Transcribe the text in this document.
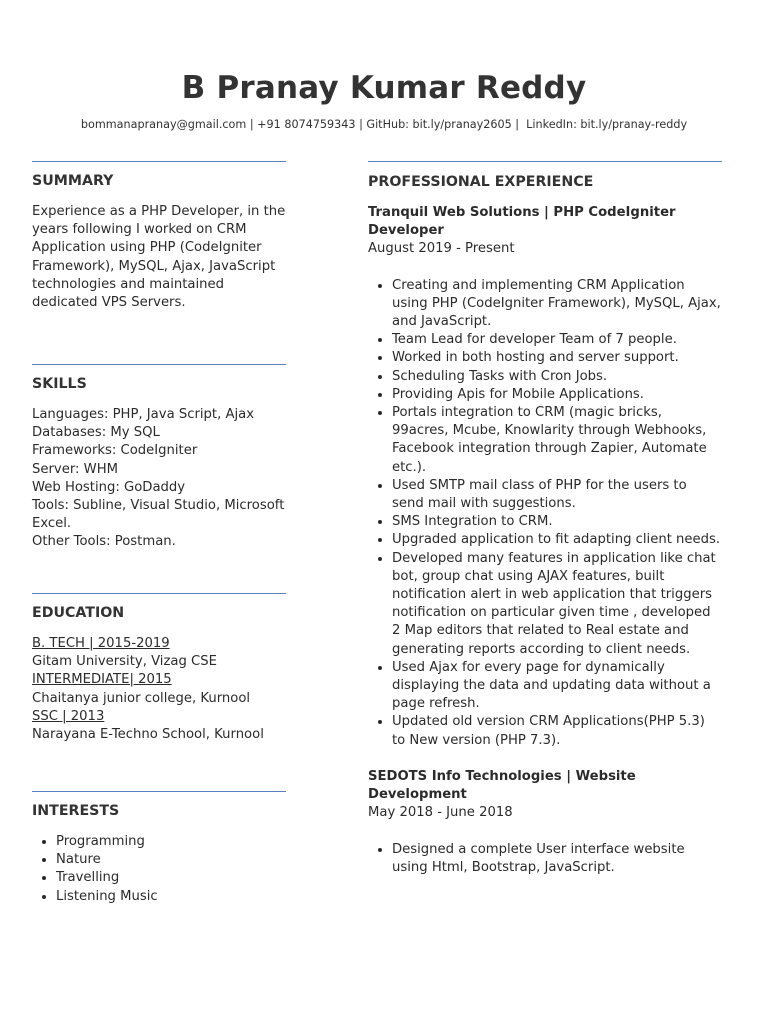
B Pranay Kumar Reddy
bommanapranay@gmail.com | +91 8074759343 | GitHub: bit.ly/pranay2605 |  LinkedIn: bit.ly/pranay-reddy
SUMMARY
Experience as a PHP Developer, in the years following I worked on CRM Application using PHP (CodeIgniter Framework), MySQL, Ajax, JavaScript technologies and maintained dedicated VPS Servers.
SKILLS
Languages: PHP, Java Script, Ajax
Databases: My SQL
Frameworks: CodeIgniter
Server: WHM
Web Hosting: GoDaddy
Tools: Subline, Visual Studio, Microsoft Excel.
Other Tools: Postman.
EDUCATION
B. TECH | 2015-2019
Gitam University, Vizag CSE
INTERMEDIATE| 2015
Chaitanya junior college, Kurnool
SSC | 2013
Narayana E-Techno School, Kurnool
INTERESTS
• Programming
• Nature
• Travelling
• Listening Music
PROFESSIONAL EXPERIENCE
Tranquil Web Solutions | PHP CodeIgniter Developer
August 2019 - Present
• Creating and implementing CRM Application using PHP (CodeIgniter Framework), MySQL, Ajax, and JavaScript.
• Team Lead for developer Team of 7 people.
• Worked in both hosting and server support.
• Scheduling Tasks with Cron Jobs.
• Providing Apis for Mobile Applications.
• Portals integration to CRM (magic bricks, 99acres, Mcube, Knowlarity through Webhooks, Facebook integration through Zapier, Automate etc.).
• Used SMTP mail class of PHP for the users to send mail with suggestions.
• SMS Integration to CRM.
• Upgraded application to fit adapting client needs.
• Developed many features in application like chat bot, group chat using AJAX features, built notification alert in web application that triggers notification on particular given time , developed 2 Map editors that related to Real estate and generating reports according to client needs.
• Used Ajax for every page for dynamically displaying the data and updating data without a page refresh.
• Updated old version CRM Applications(PHP 5.3) to New version (PHP 7.3).
SEDOTS Info Technologies | Website Development
May 2018 - June 2018
• Designed a complete User interface website using Html, Bootstrap, JavaScript.
